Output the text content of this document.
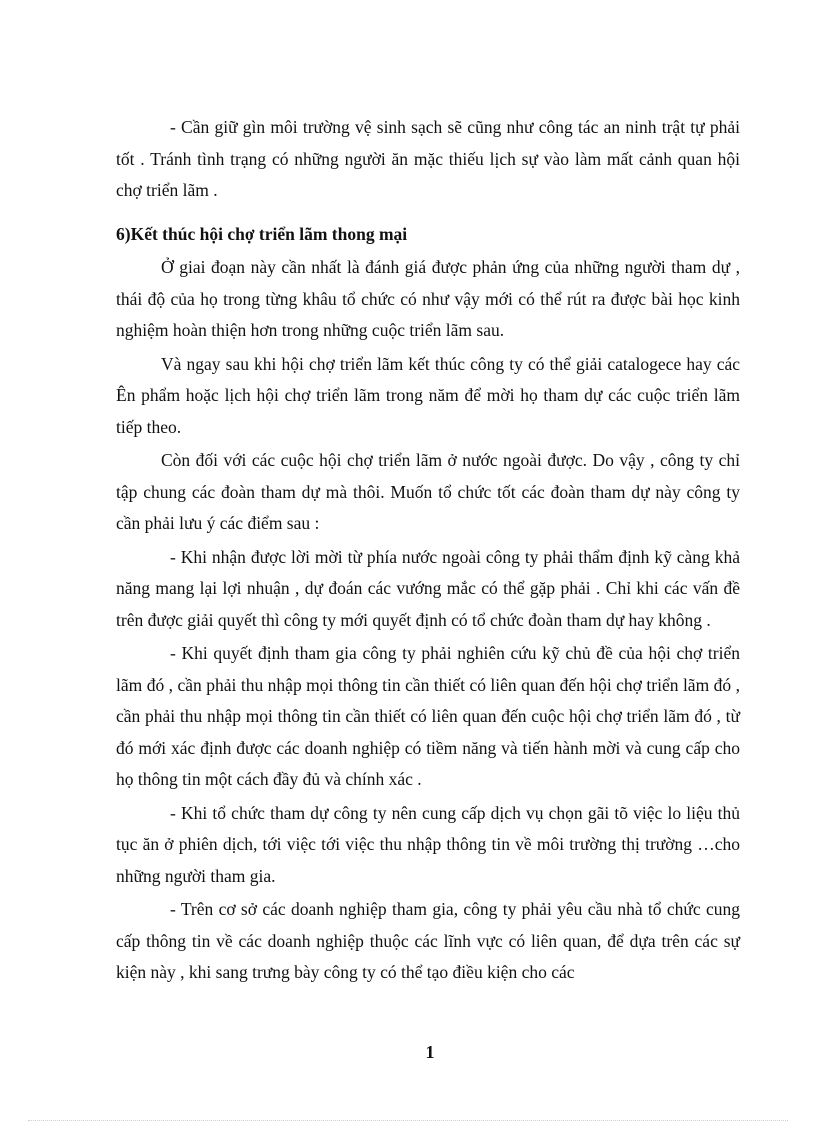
- Cần giữ gìn môi trường vệ sinh sạch sẽ cũng như công tác an ninh trật tự phải tốt . Tránh tình trạng có những người ăn mặc thiếu lịch sự vào làm mất cảnh quan hội chợ triển lãm .

6)Kết thúc hội chợ triển lãm thong mại

Ở giai đoạn này cần nhất là đánh giá được phản ứng của những người tham dự , thái độ của họ trong từng khâu tổ chức có như vậy mới có thể rút ra được bài học kinh nghiệm hoàn thiện hơn trong những cuộc triển lãm sau.

Và ngay sau khi hội chợ triển lãm kết thúc công ty có thể giải catalogece hay các Ên phẩm hoặc lịch hội chợ triển lãm trong năm để mời họ tham dự các cuộc triển lãm tiếp theo.

Còn đối với các cuộc hội chợ triển lãm ở nước ngoài được. Do vậy , công ty chỉ tập chung các đoàn tham dự mà thôi. Muốn tổ chức tốt các đoàn tham dự này công ty cần phải lưu ý các điểm sau :

- Khi nhận được lời mời từ phía nước ngoài công ty phải thẩm định kỹ càng khả năng mang lại lợi nhuận , dự đoán các vướng mắc có thể gặp phải . Chỉ khi các vấn đề trên được giải quyết thì công ty mới quyết định có tổ chức đoàn tham dự hay không .

- Khi quyết định tham gia công ty phải nghiên cứu kỹ chủ đề của hội chợ triển lãm đó , cần phải thu nhập mọi thông tin cần thiết có liên quan đến hội chợ triển lãm đó , cần phải thu nhập mọi thông tin cần thiết có liên quan đến cuộc hội chợ triển lãm đó , từ đó mới xác định được các doanh nghiệp có tiềm năng và tiến hành mời và cung cấp cho họ thông tin một cách đầy đủ và chính xác .

- Khi tổ chức tham dự công ty nên cung cấp dịch vụ chọn gãi tõ việc lo liệu thủ tục ăn ở phiên dịch, tới việc tới việc thu nhập thông tin về môi trường thị trường …cho những người tham gia.

- Trên cơ sở các doanh nghiệp tham gia, công ty phải yêu cầu nhà tổ chức cung cấp thông tin về các doanh nghiệp thuộc các lĩnh vực có liên quan, để dựa trên các sự kiện này , khi sang trưng bày công ty có thể tạo điều kiện cho các

1
